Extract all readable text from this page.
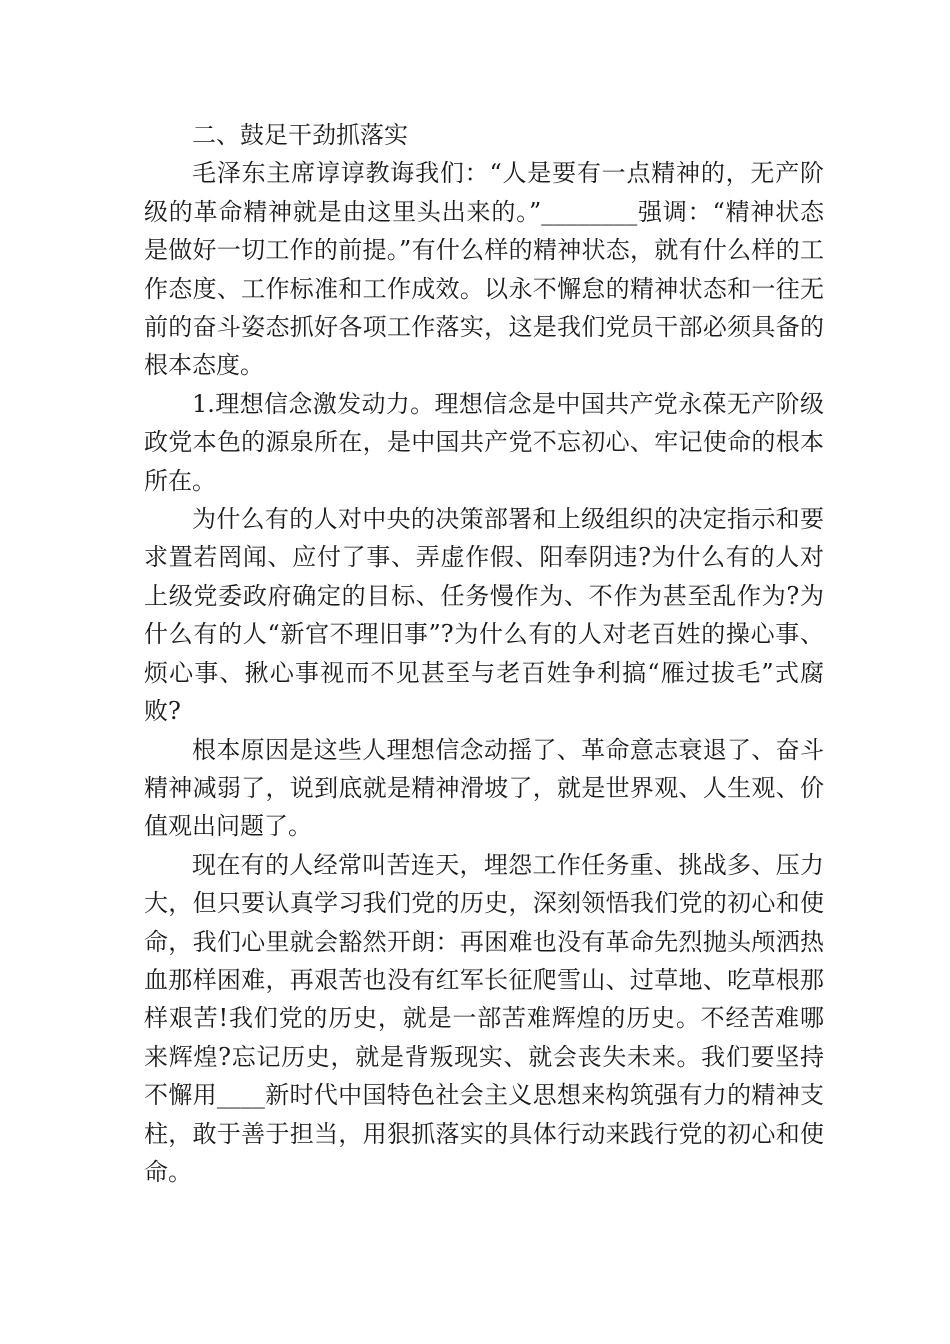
二、鼓足干劲抓落实

毛泽东主席谆谆教诲我们：“人是要有一点精神的，无产阶级的革命精神就是由这里头出来的。”________强调：“精神状态是做好一切工作的前提。”有什么样的精神状态，就有什么样的工作态度、工作标准和工作成效。以永不懈怠的精神状态和一往无前的奋斗姿态抓好各项工作落实，这是我们党员干部必须具备的根本态度。

1.理想信念激发动力。理想信念是中国共产党永葆无产阶级政党本色的源泉所在，是中国共产党不忘初心、牢记使命的根本所在。

为什么有的人对中央的决策部署和上级组织的决定指示和要求置若罔闻、应付了事、弄虚作假、阳奉阴违?为什么有的人对上级党委政府确定的目标、任务慢作为、不作为甚至乱作为?为什么有的人“新官不理旧事”?为什么有的人对老百姓的操心事、烦心事、揪心事视而不见甚至与老百姓争利搞“雁过拔毛”式腐败?

根本原因是这些人理想信念动摇了、革命意志衰退了、奋斗精神减弱了，说到底就是精神滑坡了，就是世界观、人生观、价值观出问题了。

现在有的人经常叫苦连天，埋怨工作任务重、挑战多、压力大，但只要认真学习我们党的历史，深刻领悟我们党的初心和使命，我们心里就会豁然开朗：再困难也没有革命先烈抛头颅洒热血那样困难，再艰苦也没有红军长征爬雪山、过草地、吃草根那样艰苦!我们党的历史，就是一部苦难辉煌的历史。不经苦难哪来辉煌?忘记历史，就是背叛现实、就会丧失未来。我们要坚持不懈用____新时代中国特色社会主义思想来构筑强有力的精神支柱，敢于善于担当，用狠抓落实的具体行动来践行党的初心和使命。
